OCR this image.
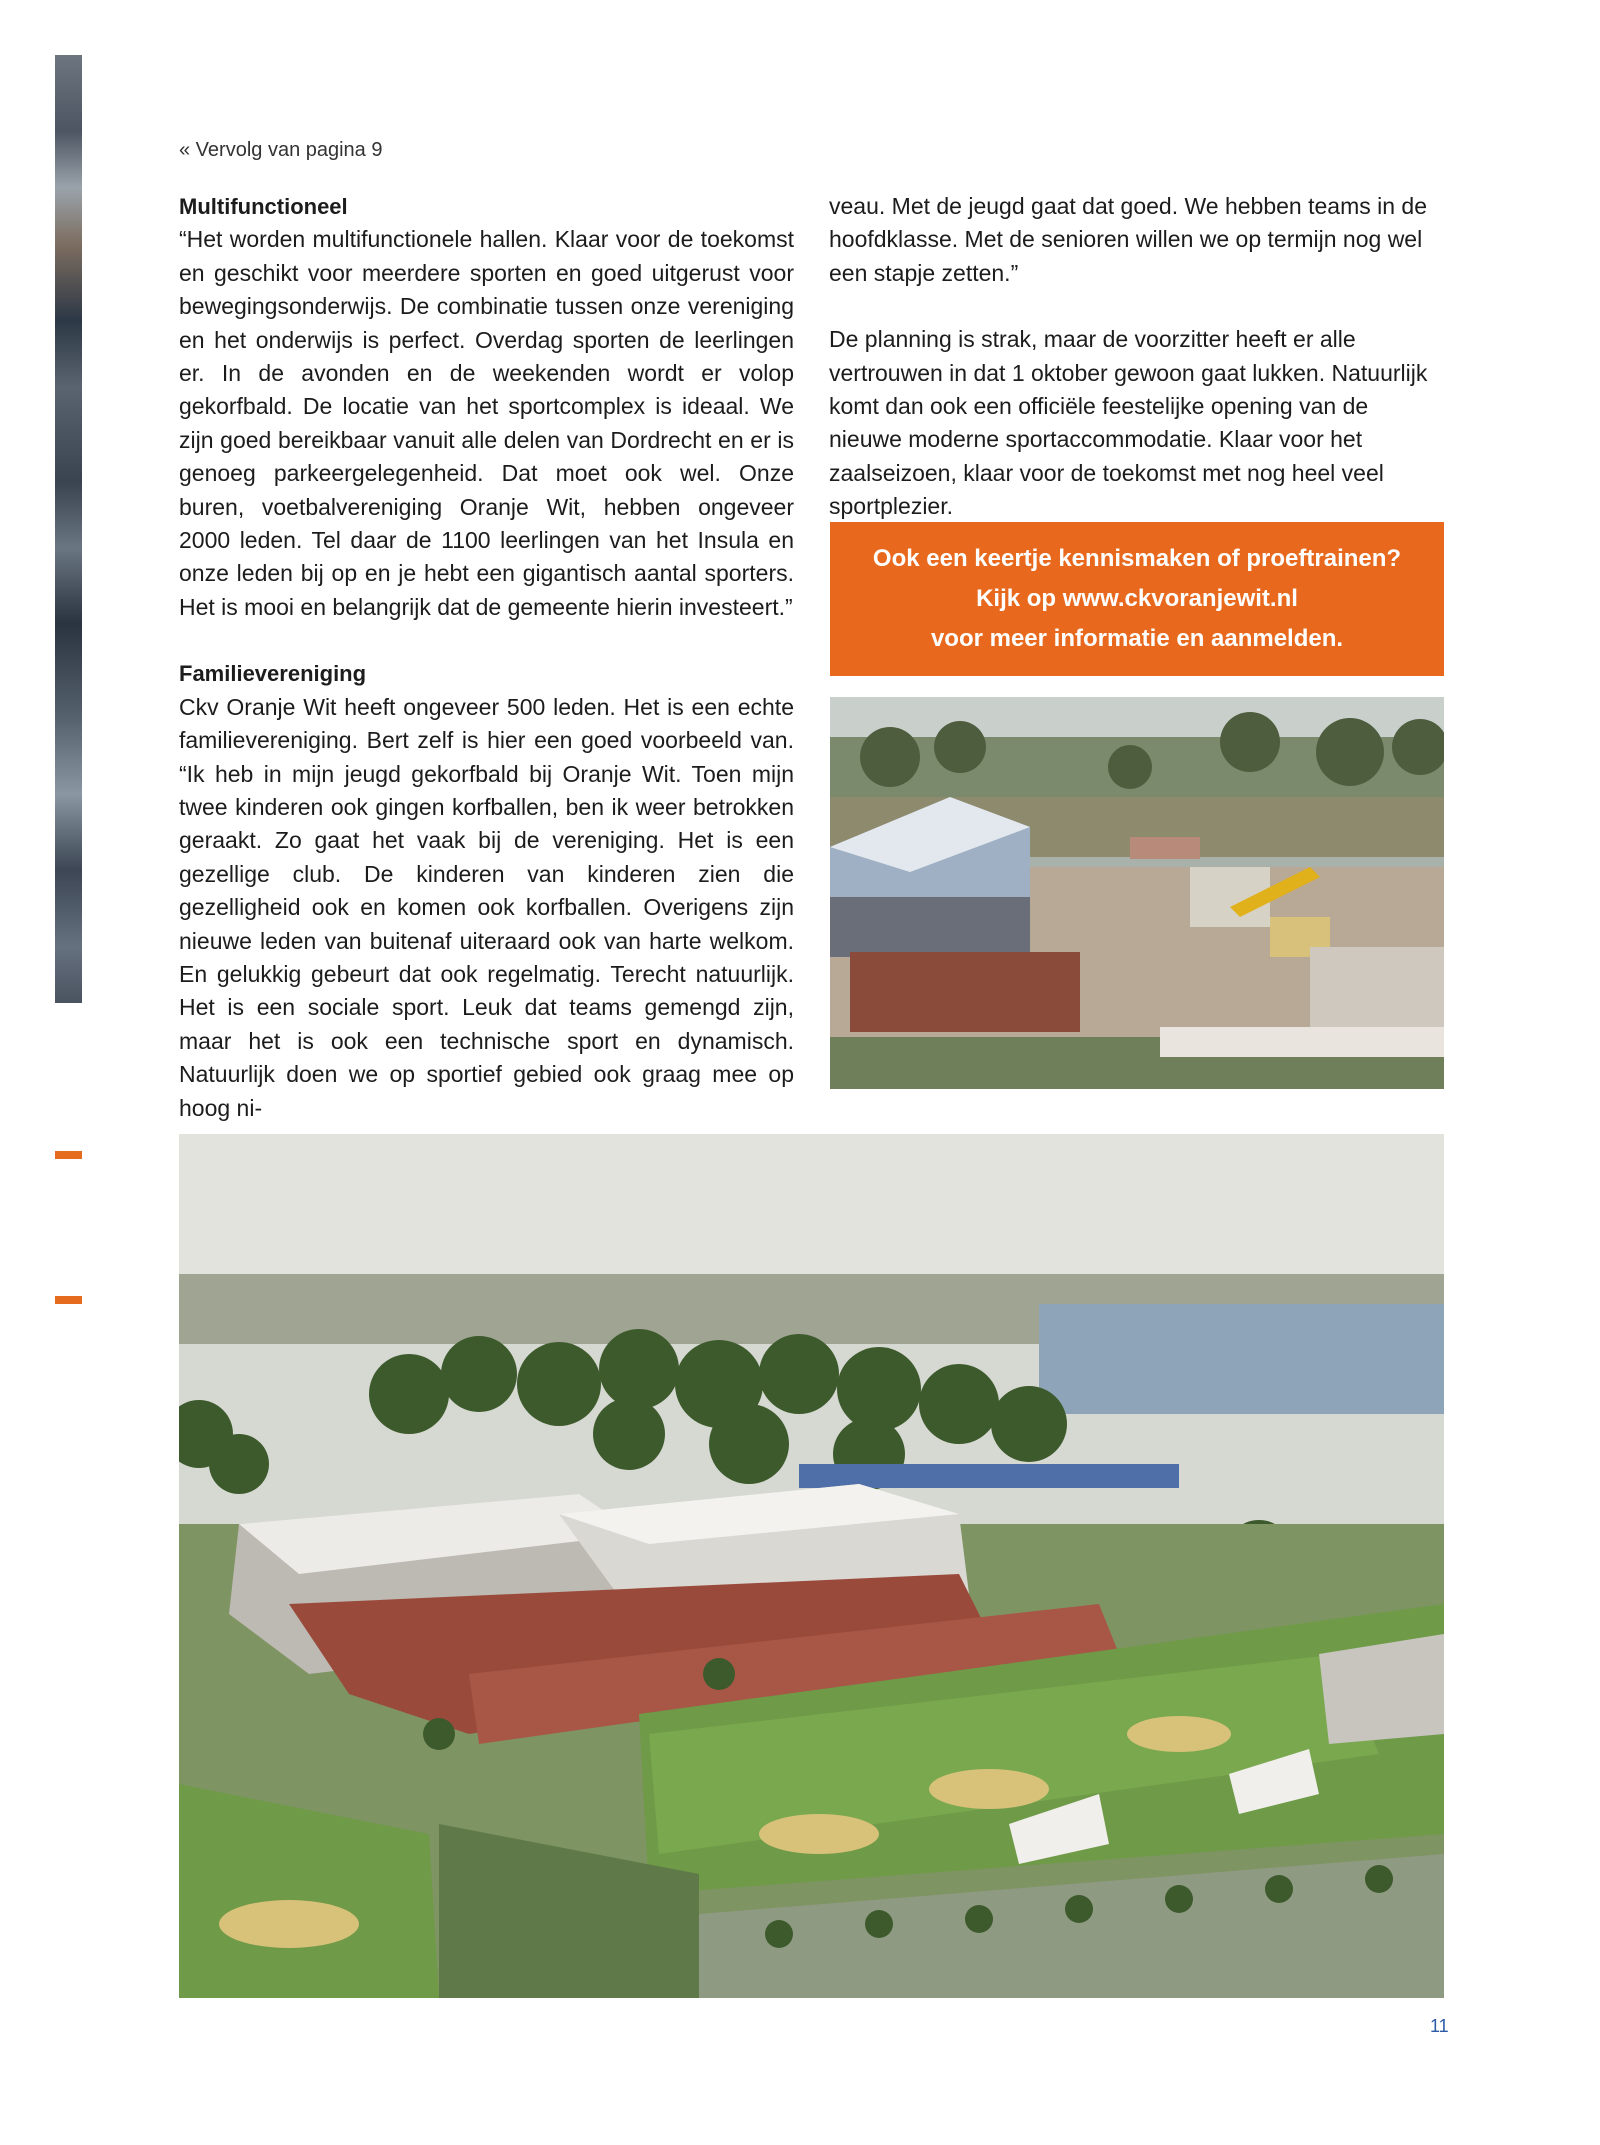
« Vervolg van pagina 9
Multifunctioneel

“Het worden multifunctionele hallen. Klaar voor de toekomst en geschikt voor meerdere sporten en goed uitgerust voor bewegingsonderwijs. De combinatie tussen onze vereniging en het onderwijs is perfect. Overdag sporten de leerlingen er. In de avonden en de weekenden wordt er volop gekorfbald. De locatie van het sportcomplex is ideaal. We zijn goed bereikbaar vanuit alle delen van Dordrecht en er is genoeg parkeergelegenheid. Dat moet ook wel. Onze buren, voetbalvereniging Oranje Wit, hebben ongeveer 2000 leden. Tel daar de 1100 leerlingen van het Insula en onze leden bij op en je hebt een gigantisch aantal sporters. Het is mooi en belangrijk dat de gemeente hierin investeert.”

Familievereniging

Ckv Oranje Wit heeft ongeveer 500 leden. Het is een echte familievereniging. Bert zelf is hier een goed voorbeeld van. “Ik heb in mijn jeugd gekorfbald bij Oranje Wit. Toen mijn twee kinderen ook gingen korfballen, ben ik weer betrokken geraakt. Zo gaat het vaak bij de vereniging. Het is een gezellige club. De kinderen van kinderen zien die gezelligheid ook en komen ook korfballen. Overigens zijn nieuwe leden van buitenaf uiteraard ook van harte welkom. En gelukkig gebeurt dat ook regelmatig. Terecht natuurlijk. Het is een sociale sport. Leuk dat teams gemengd zijn, maar het is ook een technische sport en dynamisch. Natuurlijk doen we op sportief gebied ook graag mee op hoog ni-

veau. Met de jeugd gaat dat goed. We hebben teams in de hoofdklasse. Met de senioren willen we op termijn nog wel een stapje zetten.”

De planning is strak, maar de voorzitter heeft er alle vertrouwen in dat 1 oktober gewoon gaat lukken. Natuurlijk komt dan ook een officiële feestelijke opening van de nieuwe moderne sportaccommodatie. Klaar voor het zaalseizoen, klaar voor de toekomst met nog heel veel sportplezier.

Ook een keertje kennismaken of proeftrainen?
Kijk op www.ckvoranjewit.nl
voor meer informatie en aanmelden.
11
